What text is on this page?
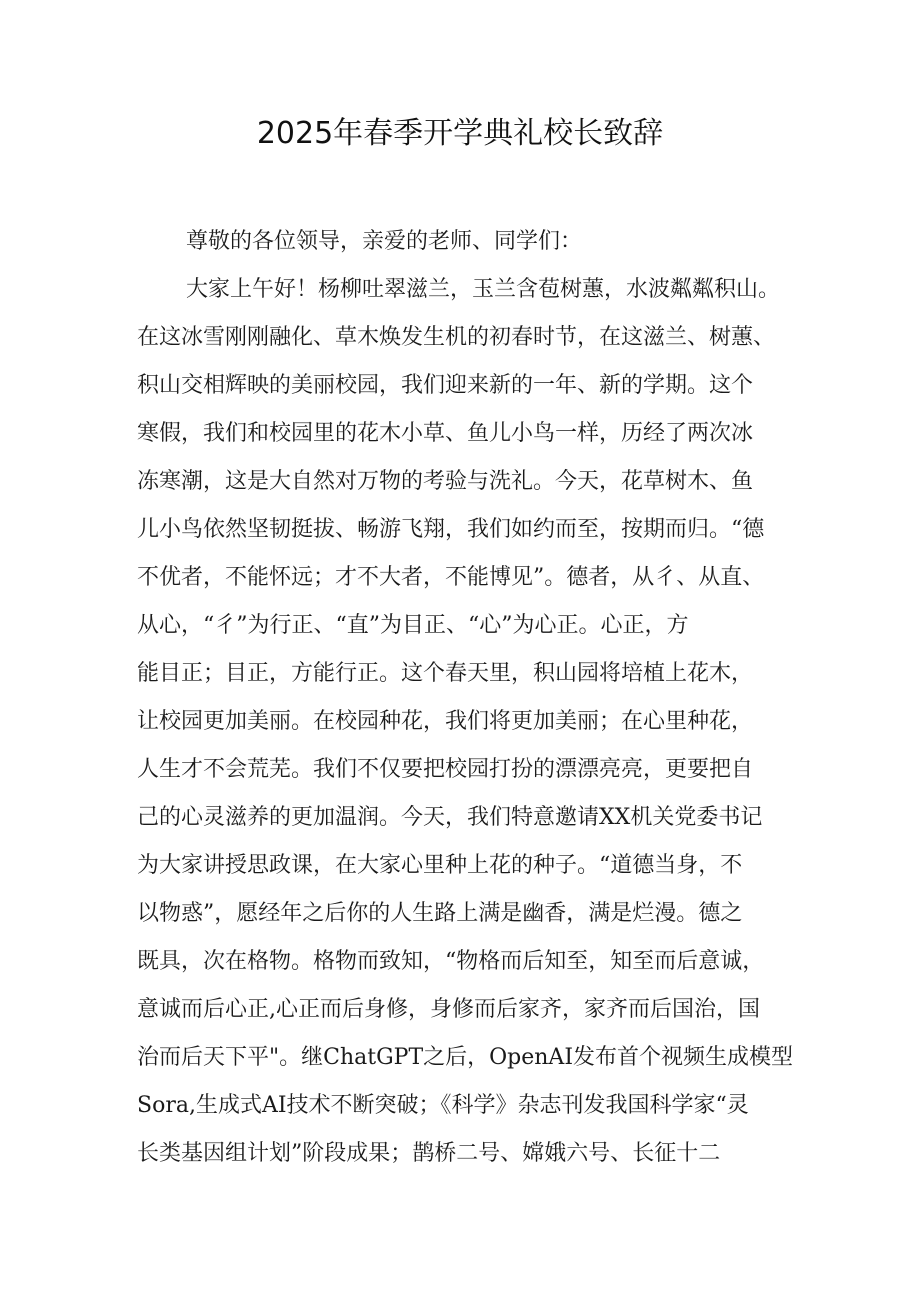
2025年春季开学典礼校长致辞
尊敬的各位领导，亲爱的老师、同学们：
大家上午好！杨柳吐翠滋兰，玉兰含苞树蕙，水波粼粼积山。
在这冰雪刚刚融化、草木焕发生机的初春时节，在这滋兰、树蕙、
积山交相辉映的美丽校园，我们迎来新的一年、新的学期。这个
寒假，我们和校园里的花木小草、鱼儿小鸟一样，历经了两次冰
冻寒潮，这是大自然对万物的考验与洗礼。今天，花草树木、鱼
儿小鸟依然坚韧挺拔、畅游飞翔，我们如约而至，按期而归。“德
不优者，不能怀远；才不大者，不能博见”。德者，从彳、从直、
从心，“彳”为行正、“直”为目正、“心”为心正。心正，方
能目正；目正，方能行正。这个春天里，积山园将培植上花木，
让校园更加美丽。在校园种花，我们将更加美丽；在心里种花，
人生才不会荒芜。我们不仅要把校园打扮的漂漂亮亮，更要把自
己的心灵滋养的更加温润。今天，我们特意邀请XX机关党委书记
为大家讲授思政课，在大家心里种上花的种子。“道德当身，不
以物惑”，愿经年之后你的人生路上满是幽香，满是烂漫。德之
既具，次在格物。格物而致知，“物格而后知至，知至而后意诚，
意诚而后心正,心正而后身修，身修而后家齐，家齐而后国治，国
治而后天下平"。继ChatGPT之后，OpenAI发布首个视频生成模型
Sora,生成式AI技术不断突破；《科学》杂志刊发我国科学家“灵
长类基因组计划”阶段成果；鹊桥二号、嫦娥六号、长征十二
